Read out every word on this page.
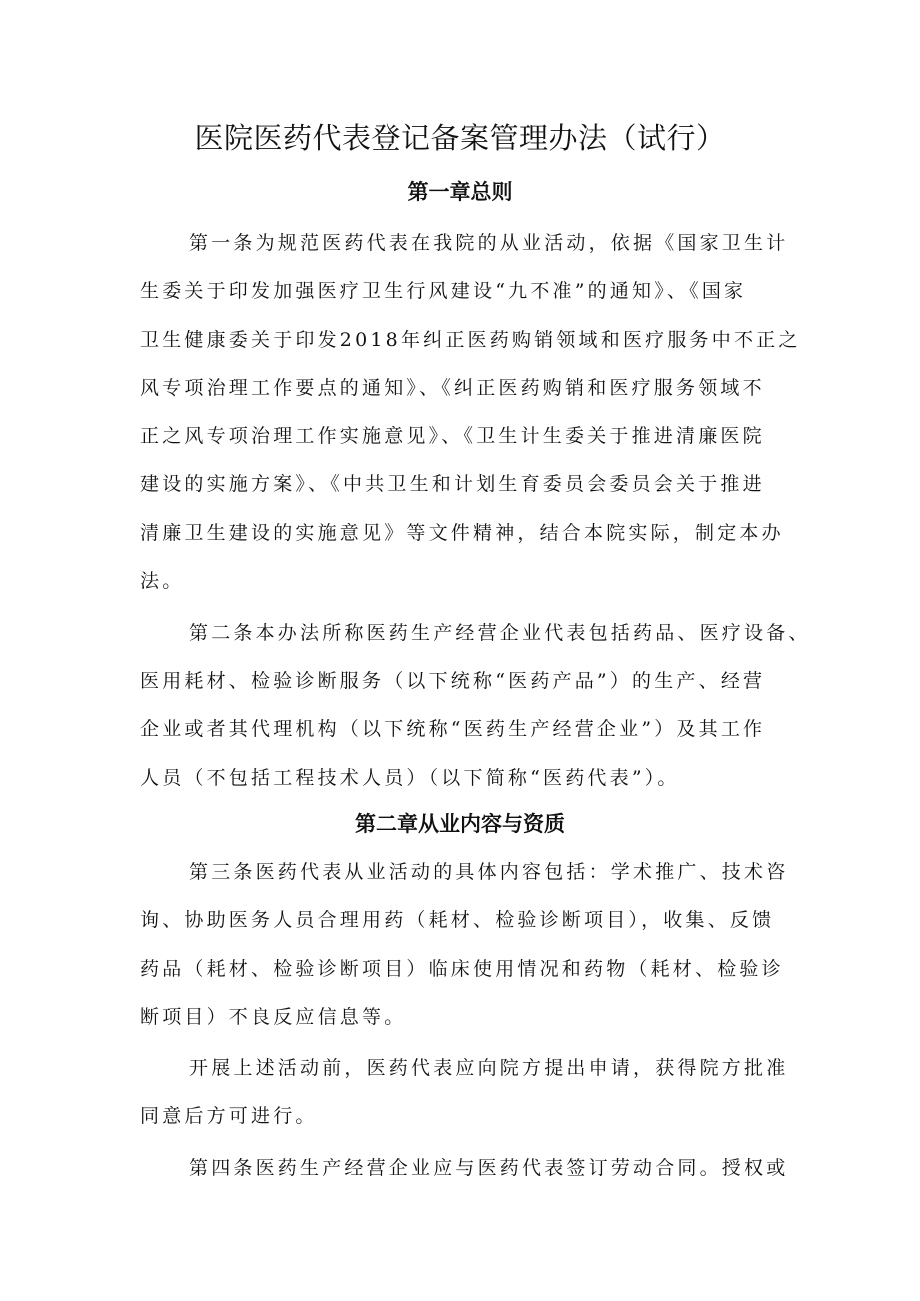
医院医药代表登记备案管理办法（试行）
第一章总则
第一条为规范医药代表在我院的从业活动，依据《国家卫生计
生委关于印发加强医疗卫生行风建设“九不准”的通知》、《国家
卫生健康委关于印发2018年纠正医药购销领域和医疗服务中不正之
风专项治理工作要点的通知》、《纠正医药购销和医疗服务领域不
正之风专项治理工作实施意见》、《卫生计生委关于推进清廉医院
建设的实施方案》、《中共卫生和计划生育委员会委员会关于推进
清廉卫生建设的实施意见》等文件精神，结合本院实际，制定本办
法。
第二条本办法所称医药生产经营企业代表包括药品、医疗设备、
医用耗材、检验诊断服务（以下统称“医药产品”）的生产、经营
企业或者其代理机构（以下统称“医药生产经营企业”）及其工作
人员（不包括工程技术人员）（以下简称“医药代表”）。
第二章从业内容与资质
第三条医药代表从业活动的具体内容包括：学术推广、技术咨
询、协助医务人员合理用药（耗材、检验诊断项目），收集、反馈
药品（耗材、检验诊断项目）临床使用情况和药物（耗材、检验诊
断项目）不良反应信息等。
开展上述活动前，医药代表应向院方提出申请，获得院方批准
同意后方可进行。
第四条医药生产经营企业应与医药代表签订劳动合同。授权或
